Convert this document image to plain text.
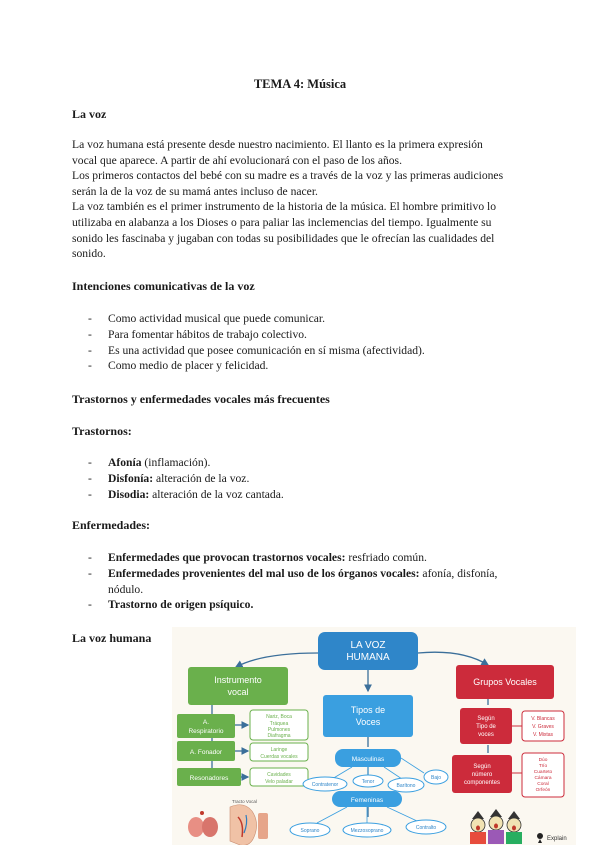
TEMA 4: Música
La voz
La voz humana está presente desde nuestro nacimiento. El llanto es la primera expresión
vocal que aparece. A partir de ahí evolucionará con el paso de los años.
Los primeros contactos del bebé con su madre es a través de la voz y las primeras audiciones
serán la de la voz de su mamá antes incluso de nacer.
La voz también es el primer instrumento de la historia de la música. El hombre primitivo lo
utilizaba en alabanza a los Dioses o para paliar las inclemencias del tiempo. Igualmente su
sonido les fascinaba y jugaban con todas su posibilidades que le ofrecían las cualidades del
sonido.
Intenciones comunicativas de la voz
- Como actividad musical que puede comunicar.
- Para fomentar hábitos de trabajo colectivo.
- Es una actividad que posee comunicación en sí misma (afectividad).
- Como medio de placer y felicidad.
Trastornos y enfermedades vocales más frecuentes
Trastornos:
- Afonía (inflamación).
- Disfonía: alteración de la voz.
- Disodia: alteración de la voz cantada.
Enfermedades:
- Enfermedades que provocan trastornos vocales: resfriado común.
- Enfermedades provenientes del mal uso de los órganos vocales: afonía, disfonía,
nódulo.
- Trastorno de origen psíquico.
La voz humana
LA VOZ
HUMANA
Instrumento
vocal
Tipos de
Voces
Grupos Vocales
A.
Respiratorio
Nariz, Boca
Tráquea
Pulmones
Diafragma
A. Fonador	Laringe
Cuerdas vocales
Resonadores	Cavidades
Velo paladar
Masculinas
Contratenor	Tenor
Barítono
Bajo
Femeninas
Soprano	Mezzosoprano	Contralto
Según
Tipo de
voces
V. Blancas
V. Graves
V. Mixtas
Según
número
componentes
Dúo
Trío
Cuarteto
Cámara
Coral
Orfeón
Tracto Vocal
Explain
